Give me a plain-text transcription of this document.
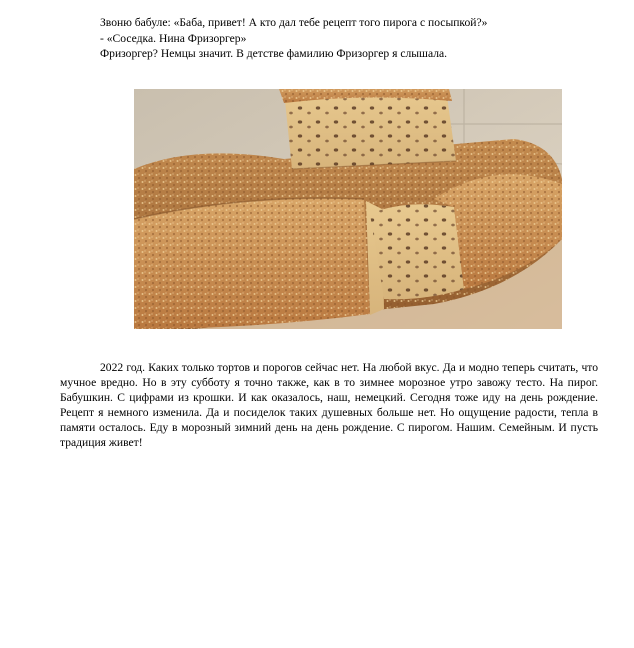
Звоню бабуле: «Баба, привет! А кто дал тебе рецепт того пирога с посыпкой?»

- «Соседка. Нина Фризоргер»

Фризоргер? Немцы значит. В детстве фамилию Фризоргер я слышала.

2022 год. Каких только тортов и порогов сейчас нет. На любой вкус. Да и модно теперь считать, что мучное вредно. Но в эту субботу я точно также, как в то зимнее морозное утро завожу тесто. На пирог. Бабушкин. С цифрами из крошки. И как оказалось, наш, немецкий. Сегодня тоже иду на день рождение. Рецепт я немного изменила. Да и посиделок таких душевных больше нет. Но ощущение радости, тепла в памяти осталось. Еду в морозный зимний день на день рождение. С пирогом. Нашим. Семейным. И пусть традиция живет!
